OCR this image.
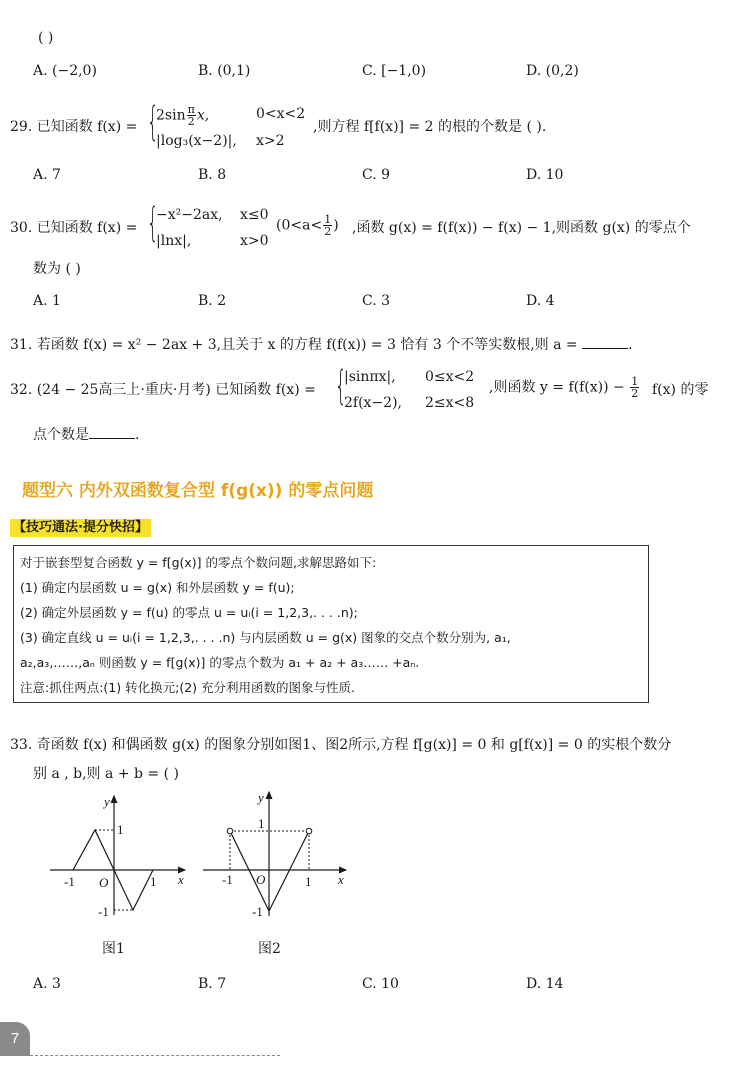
( )
A. (−2,0)	B. (0,1)	C. [−1,0)	D. (0,2)
29. 已知函数 f(x) = {
$2\sin \frac{\pi}{2} x$,	0<x<2
|log₃(x−2)|, x>2
,则方程 f[f(x)] = 2 的根的个数是 ( ).
A. 7	B. 8	C. 9	D. 10
30. 已知函数 f(x) = {
−x²−2ax, x≤0
|lnx|,	x>0
($0<a< \frac{1}{2}$ ) ,函数 g(x) = f(f(x)) − f(x) − 1,则函数 g(x) 的零点个
数为 ( )
A. 1	B. 2	C. 3	D. 4
31. 若函数 f(x) = x² − 2ax + 3,且关于 x 的方程 f(f(x)) = 3 恰有 3 个不等实数根,则 a =	.
32. (24 − 25高三上·重庆·月考) 已知函数 f(x) = {
|sinπx|, 0≤x<2
2f(x−2), 2≤x<8
,则函数 $y = f(f(x)) - \frac{1}{2} f(x)$ 的零
点个数是	.
题型六 内外双函数复合型 f(g(x)) 的零点问题
【技巧通法·提分快招】
对于嵌套型复合函数 y = f[g(x)] 的零点个数问题,求解思路如下:
(1) 确定内层函数 u = g(x) 和外层函数 y = f(u);
(2) 确定外层函数 y = f(u) 的零点 u = uᵢ(i = 1,2,3,. . . .n);
(3) 确定直线 u = uᵢ(i = 1,2,3,. . . .n) 与内层函数 u = g(x) 图象的交点个数分别为, a₁,
a₂,a₃,……,aₙ 则函数 y = f[g(x)] 的零点个数为 a₁ + a₂ + a₃…… +aₙ.
注意:抓住两点:(1) 转化换元;(2) 充分利用函数的图象与性质.
33. 奇函数 f(x) 和偶函数 g(x) 的图象分别如图1、图2所示,方程 f[g(x)] = 0 和 g[f(x)] = 0 的实根个数分
别 a , b,则 a + b = ( )
y
x
O
-1	1
1
-1
图1
y
x
O
-1	1
1
-1
图2
A. 3	B. 7	C. 10	D. 14
7
